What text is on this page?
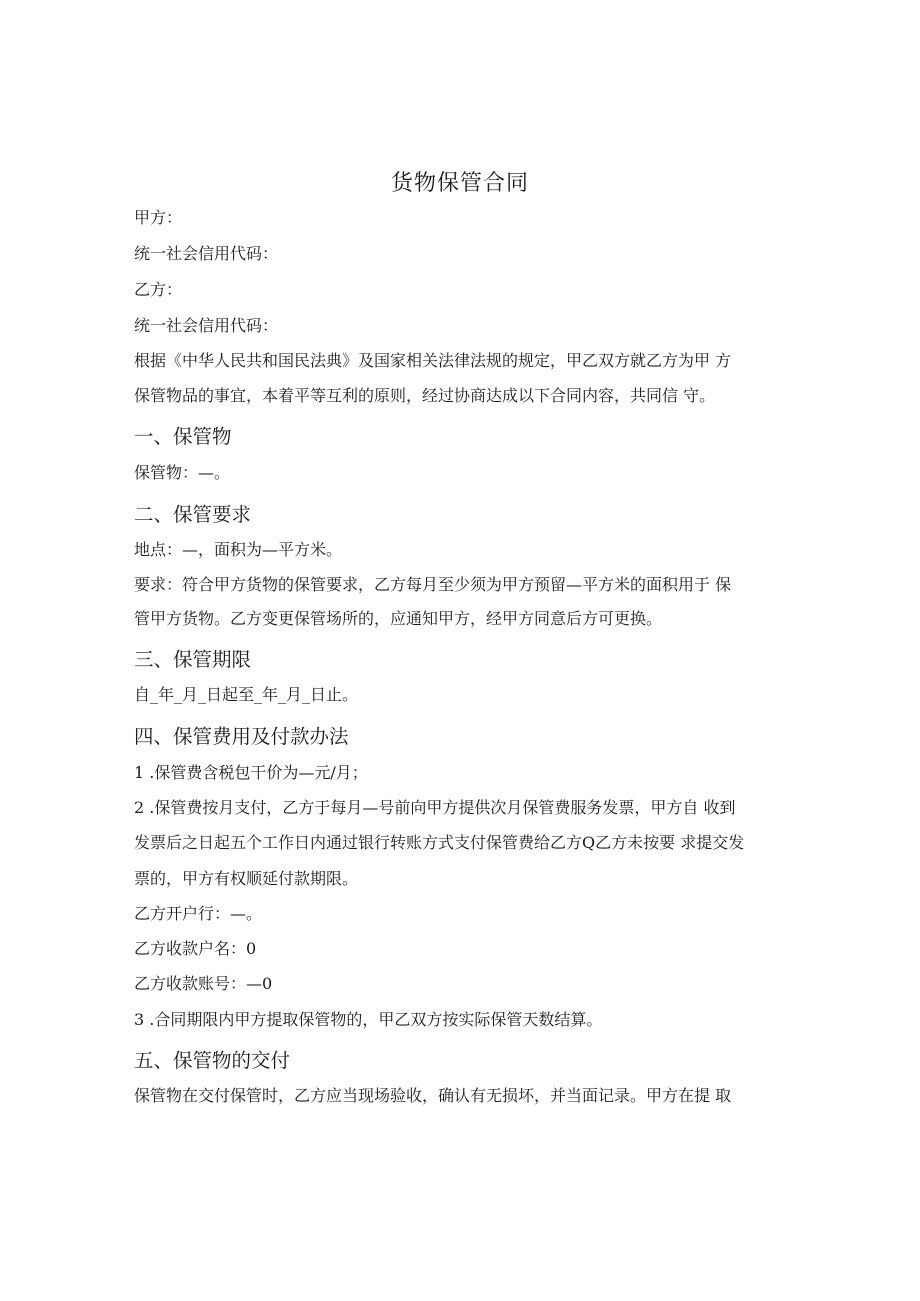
货物保管合同
甲方：
统一社会信用代码：
乙方：
统一社会信用代码：
根据《中华人民共和国民法典》及国家相关法律法规的规定，甲乙双方就乙方为甲 方
保管物品的事宜，本着平等互利的原则，经过协商达成以下合同内容，共同信 守。
一、保管物
保管物：—。
二、保管要求
地点：—，面积为—平方米。
要求：符合甲方货物的保管要求，乙方每月至少须为甲方预留—平方米的面积用于 保
管甲方货物。乙方变更保管场所的，应通知甲方，经甲方同意后方可更换。
三、保管期限
自_年_月_日起至_年_月_日止。
四、保管费用及付款办法
1 .保管费含税包干价为—元/月；
2 .保管费按月支付，乙方于每月—号前向甲方提供次月保管费服务发票，甲方自 收到
发票后之日起五个工作日内通过银行转账方式支付保管费给乙方Q乙方未按要 求提交发
票的，甲方有权顺延付款期限。
乙方开户行：—。
乙方收款户名：0
乙方收款账号：—0
3 .合同期限内甲方提取保管物的，甲乙双方按实际保管天数结算。
五、保管物的交付
保管物在交付保管时，乙方应当现场验收，确认有无损坏，并当面记录。甲方在提 取
